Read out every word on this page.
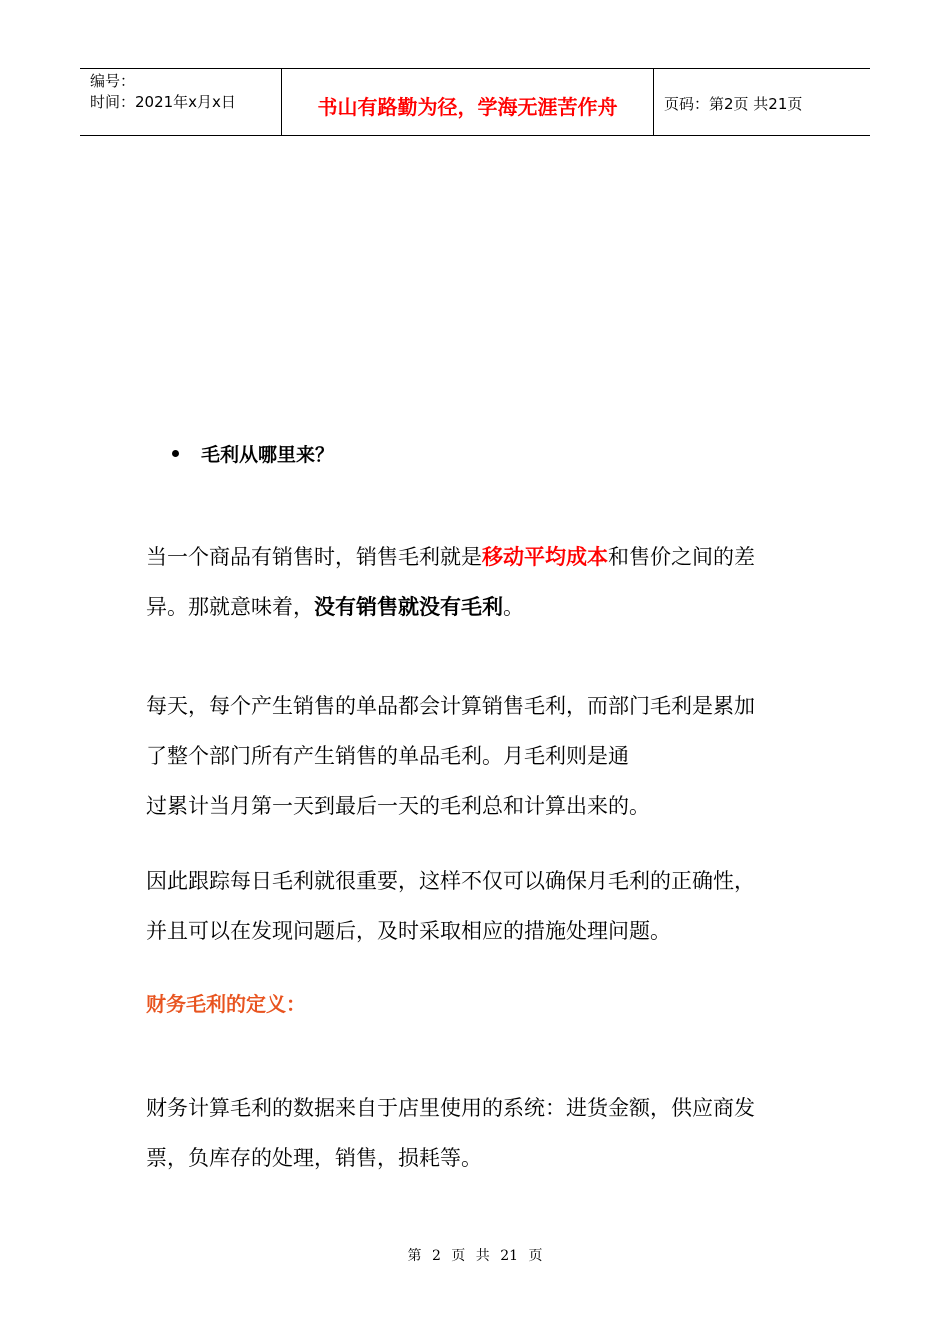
编号：
时间：2021年x月x日	书山有路勤为径，学海无涯苦作舟	页码：第2页 共21页
毛利从哪里来？
当一个商品有销售时，销售毛利就是移动平均成本和售价之间的差
异。那就意味着，没有销售就没有毛利。
每天，每个产生销售的单品都会计算销售毛利，而部门毛利是累加
了整个部门所有产生销售的单品毛利。月毛利则是通
过累计当月第一天到最后一天的毛利总和计算出来的。
因此跟踪每日毛利就很重要，这样不仅可以确保月毛利的正确性，
并且可以在发现问题后，及时采取相应的措施处理问题。
财务毛利的定义：
财务计算毛利的数据来自于店里使用的系统：进货金额，供应商发
票，负库存的处理，销售，损耗等。
第 2 页 共 21 页
